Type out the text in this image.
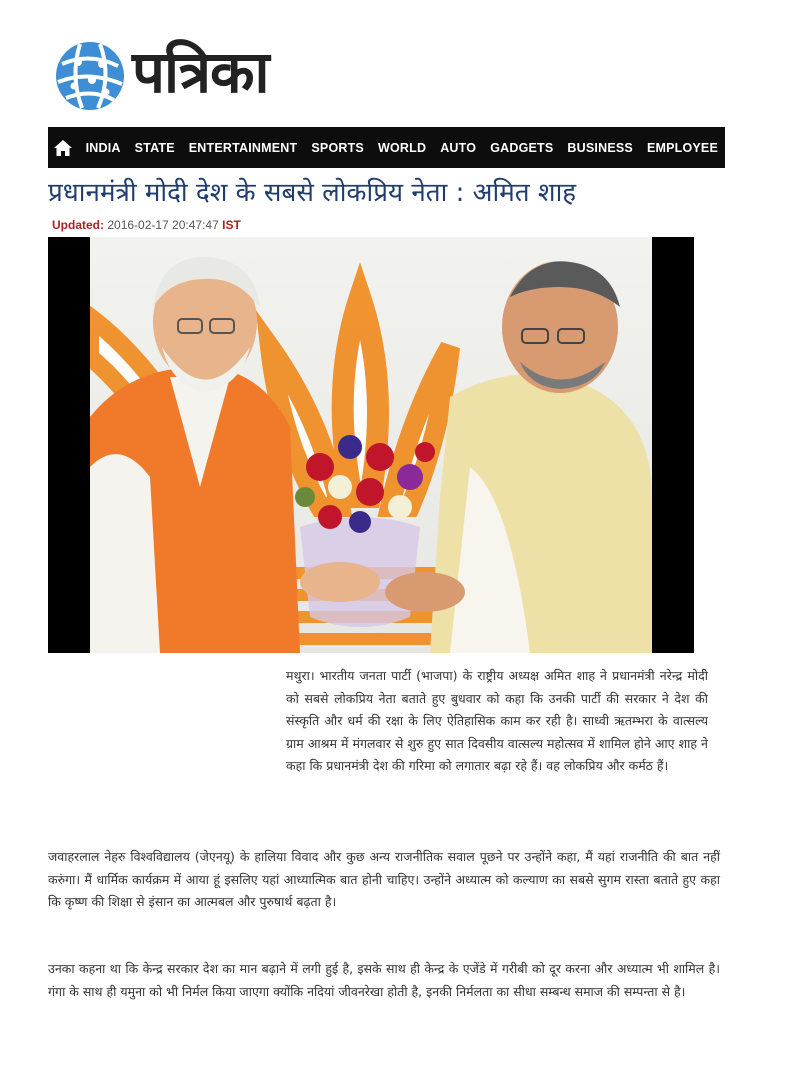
पत्रिका
INDIA	STATE	ENTERTAINMENT	SPORTS	WORLD	AUTO	GADGETS	BUSINESS	EMPLOYEE
प्रधानमंत्री मोदी देश के सबसे लोकप्रिय नेता : अमित शाह
Updated: 2016-02-17 20:47:47 IST

मथुरा। भारतीय जनता पार्टी (भाजपा) के राष्ट्रीय अध्यक्ष अमित शाह ने प्रधानमंत्री नरेन्द्र मोदी को सबसे लोकप्रिय नेता बताते हुए बुधवार को कहा कि उनकी पार्टी की सरकार ने देश की संस्कृति और धर्म की रक्षा के लिए ऐतिहासिक काम कर रही है। साध्वी ऋतम्भरा के वात्सल्य ग्राम आश्रम में मंगलवार से शुरु हुए सात दिवसीय वात्सल्य महोत्सव में शामिल होने आए शाह ने कहा कि प्रधानमंत्री देश की गरिमा को लगातार बढ़ा रहे हैं। वह लोकप्रिय और कर्मठ हैं।

जवाहरलाल नेहरु विश्वविद्यालय (जेएनयू) के हालिया विवाद और कुछ अन्य राजनीतिक सवाल पूछने पर उन्होंने कहा, मैं यहां राजनीति की बात नहीं करुंगा। मैं धार्मिक कार्यक्रम में आया हूं इसलिए यहां आध्यात्मिक बात होनी चाहिए। उन्होंने अध्यात्म को कल्याण का सबसे सुगम रास्ता बताते हुए कहा कि कृष्ण की शिक्षा से इंसान का आत्मबल और पुरुषार्थ बढ़ता है।

उनका कहना था कि केन्द्र सरकार देश का मान बढ़ाने में लगी हुई है, इसके साथ ही केन्द्र के एजेंडे में गरीबी को दूर करना और अध्यात्म भी शामिल है। गंगा के साथ ही यमुना को भी निर्मल किया जाएगा क्योंकि नदियां जीवनरेखा होती है, इनकी निर्मलता का सीधा सम्बन्ध समाज की सम्पन्ता से है।
